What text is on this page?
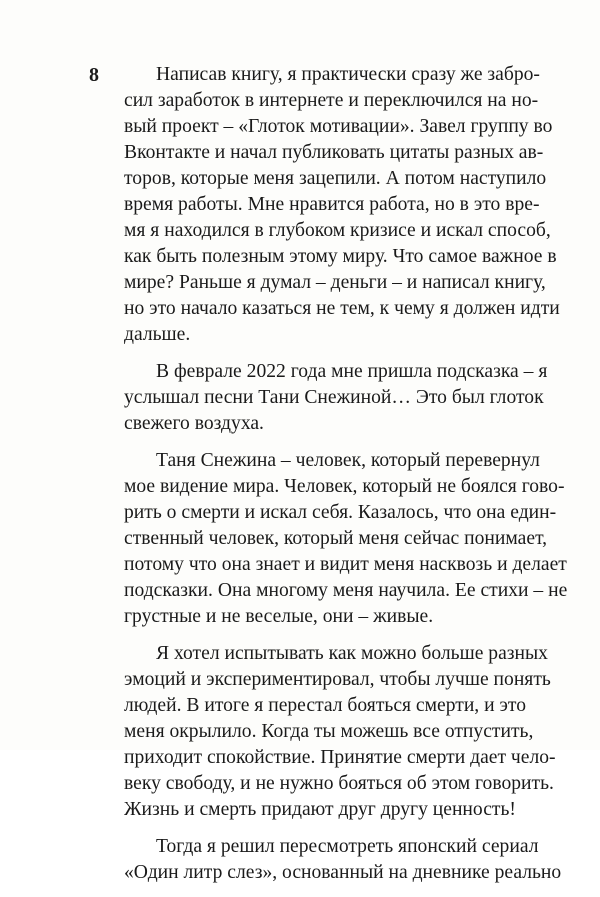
8	Написав книгу, я практически сразу же забро-
сил заработок в интернете и переключился на но-
вый проект – «Глоток мотивации». Завел группу во
Вконтакте и начал публиковать цитаты разных ав-
торов, которые меня зацепили. А потом наступило
время работы. Мне нравится работа, но в это вре-
мя я находился в глубоком кризисе и искал способ,
как быть полезным этому миру. Что самое важное в
мире? Раньше я думал – деньги – и написал книгу,
но это начало казаться не тем, к чему я должен идти
дальше.
В феврале 2022 года мне пришла подсказка – я
услышал песни Тани Снежиной… Это был глоток
свежего воздуха.
Таня Снежина – человек, который перевернул
мое видение мира. Человек, который не боялся гово-
рить о смерти и искал себя. Казалось, что она един-
ственный человек, который меня сейчас понимает,
потому что она знает и видит меня насквозь и делает
подсказки. Она многому меня научила. Ее стихи – не
грустные и не веселые, они – живые.
Я хотел испытывать как можно больше разных
эмоций и экспериментировал, чтобы лучше понять
людей. В итоге я перестал бояться смерти, и это
меня окрылило. Когда ты можешь все отпустить,
приходит спокойствие. Принятие смерти дает чело-
веку свободу, и не нужно бояться об этом говорить.
Жизнь и смерть придают друг другу ценность!
Тогда я решил пересмотреть японский сериал
«Один литр слез», основанный на дневнике реально
